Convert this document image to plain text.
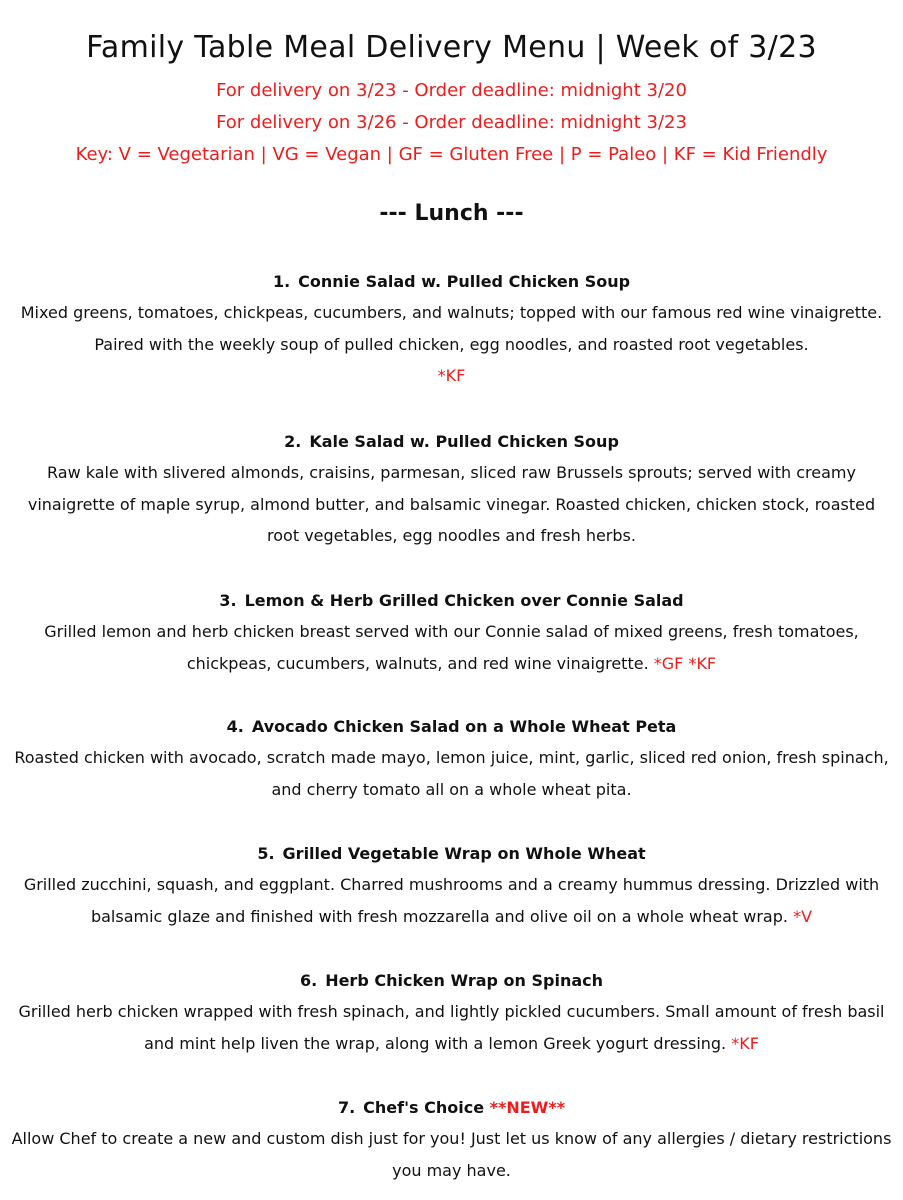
Family Table Meal Delivery Menu | Week of 3/23
For delivery on 3/23 - Order deadline: midnight 3/20
For delivery on 3/26 - Order deadline: midnight 3/23
Key: V = Vegetarian | VG = Vegan | GF = Gluten Free | P = Paleo | KF = Kid Friendly
--- Lunch ---
1. Connie Salad w. Pulled Chicken Soup
Mixed greens, tomatoes, chickpeas, cucumbers, and walnuts; topped with our famous red wine vinaigrette. Paired with the weekly soup of pulled chicken, egg noodles, and roasted root vegetables.
*KF
2. Kale Salad w. Pulled Chicken Soup
Raw kale with slivered almonds, craisins, parmesan, sliced raw Brussels sprouts; served with creamy vinaigrette of maple syrup, almond butter, and balsamic vinegar. Roasted chicken, chicken stock, roasted root vegetables, egg noodles and fresh herbs.
3. Lemon & Herb Grilled Chicken over Connie Salad
Grilled lemon and herb chicken breast served with our Connie salad of mixed greens, fresh tomatoes, chickpeas, cucumbers, walnuts, and red wine vinaigrette. *GF *KF
4. Avocado Chicken Salad on a Whole Wheat Peta
Roasted chicken with avocado, scratch made mayo, lemon juice, mint, garlic, sliced red onion, fresh spinach, and cherry tomato all on a whole wheat pita.
5. Grilled Vegetable Wrap on Whole Wheat
Grilled zucchini, squash, and eggplant. Charred mushrooms and a creamy hummus dressing. Drizzled with balsamic glaze and finished with fresh mozzarella and olive oil on a whole wheat wrap. *V
6. Herb Chicken Wrap on Spinach
Grilled herb chicken wrapped with fresh spinach, and lightly pickled cucumbers. Small amount of fresh basil and mint help liven the wrap, along with a lemon Greek yogurt dressing. *KF
7. Chef's Choice **NEW**
Allow Chef to create a new and custom dish just for you! Just let us know of any allergies / dietary restrictions you may have.
